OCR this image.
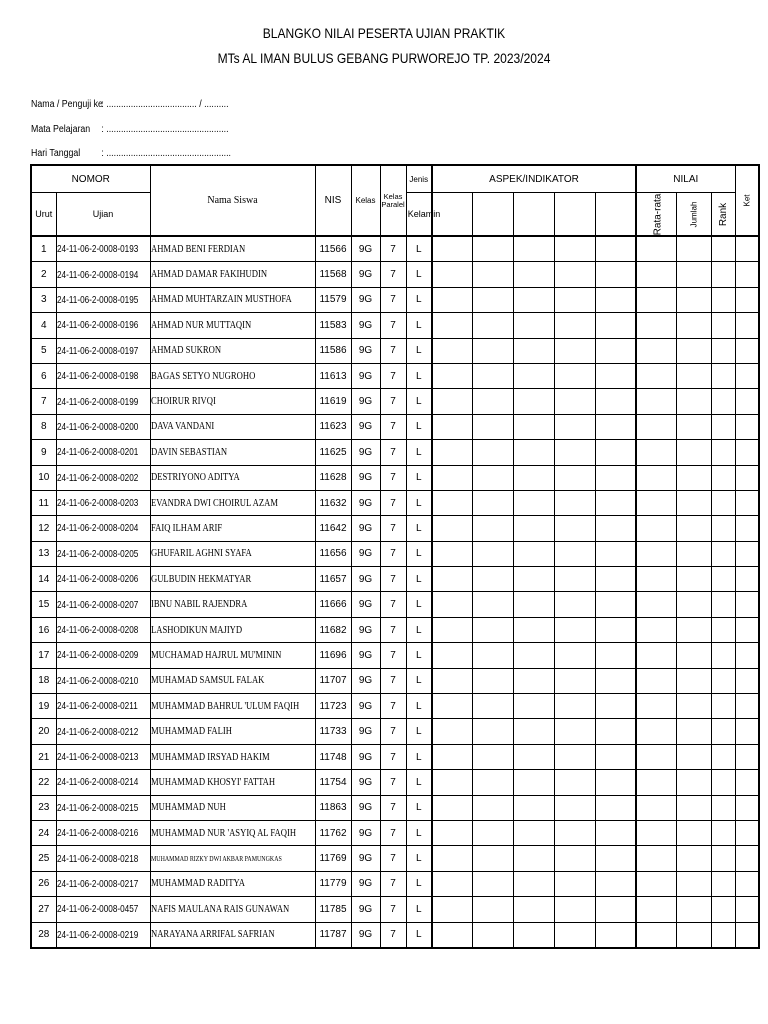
BLANGKO NILAI PESERTA UJIAN PRAKTIK
MTs AL IMAN BULUS GEBANG PURWOREJO TP. 2023/2024
Nama / Penguji ke: ..................................... / ..........
Mata Pelajaran : ..................................................
Hari Tanggal : ...................................................
NOMOR		Nama Siswa	NIS	Kelas	Kelas Paralel	Jenis	ASPEK/INDIKATOR					NILAI			Ket
Urut	Ujian					Kelamin						Rata-rata	Jumlah	Rank	
1	24-11-06-2-0008-0193	AHMAD BENI FERDIAN	11566	9G	7	L									
2	24-11-06-2-0008-0194	AHMAD DAMAR FAKIHUDIN	11568	9G	7	L									
3	24-11-06-2-0008-0195	AHMAD MUHTARZAIN MUSTHOFA	11579	9G	7	L									
4	24-11-06-2-0008-0196	AHMAD NUR MUTTAQIN	11583	9G	7	L									
5	24-11-06-2-0008-0197	AHMAD SUKRON	11586	9G	7	L									
6	24-11-06-2-0008-0198	BAGAS SETYO NUGROHO	11613	9G	7	L									
7	24-11-06-2-0008-0199	CHOIRUR RIVQI	11619	9G	7	L									
8	24-11-06-2-0008-0200	DAVA VANDANI	11623	9G	7	L									
9	24-11-06-2-0008-0201	DAVIN SEBASTIAN	11625	9G	7	L									
10	24-11-06-2-0008-0202	DESTRIYONO ADITYA	11628	9G	7	L									
11	24-11-06-2-0008-0203	EVANDRA DWI CHOIRUL AZAM	11632	9G	7	L									
12	24-11-06-2-0008-0204	FAIQ ILHAM ARIF	11642	9G	7	L									
13	24-11-06-2-0008-0205	GHUFARIL AGHNI SYAFA	11656	9G	7	L									
14	24-11-06-2-0008-0206	GULBUDIN HEKMATYAR	11657	9G	7	L									
15	24-11-06-2-0008-0207	IBNU NABIL RAJENDRA	11666	9G	7	L									
16	24-11-06-2-0008-0208	LASHODIKUN MAJIYD	11682	9G	7	L									
17	24-11-06-2-0008-0209	MUCHAMAD HAJRUL MU'MININ	11696	9G	7	L									
18	24-11-06-2-0008-0210	MUHAMAD SAMSUL FALAK	11707	9G	7	L									
19	24-11-06-2-0008-0211	MUHAMMAD BAHRUL 'ULUM FAQIH	11723	9G	7	L									
20	24-11-06-2-0008-0212	MUHAMMAD FALIH	11733	9G	7	L									
21	24-11-06-2-0008-0213	MUHAMMAD IRSYAD HAKIM	11748	9G	7	L									
22	24-11-06-2-0008-0214	MUHAMMAD KHOSYI' FATTAH	11754	9G	7	L									
23	24-11-06-2-0008-0215	MUHAMMAD NUH	11863	9G	7	L									
24	24-11-06-2-0008-0216	MUHAMMAD NUR 'ASYIQ AL FAQIH	11762	9G	7	L									
25	24-11-06-2-0008-0218	MUHAMMAD RIZKY DWI AKBAR PAMUNGKAS	11769	9G	7	L									
26	24-11-06-2-0008-0217	MUHAMMAD RADITYA	11779	9G	7	L									
27	24-11-06-2-0008-0457	NAFIS MAULANA RAIS GUNAWAN	11785	9G	7	L									
28	24-11-06-2-0008-0219	NARAYANA ARRIFAL SAFRIAN	11787	9G	7	L									
